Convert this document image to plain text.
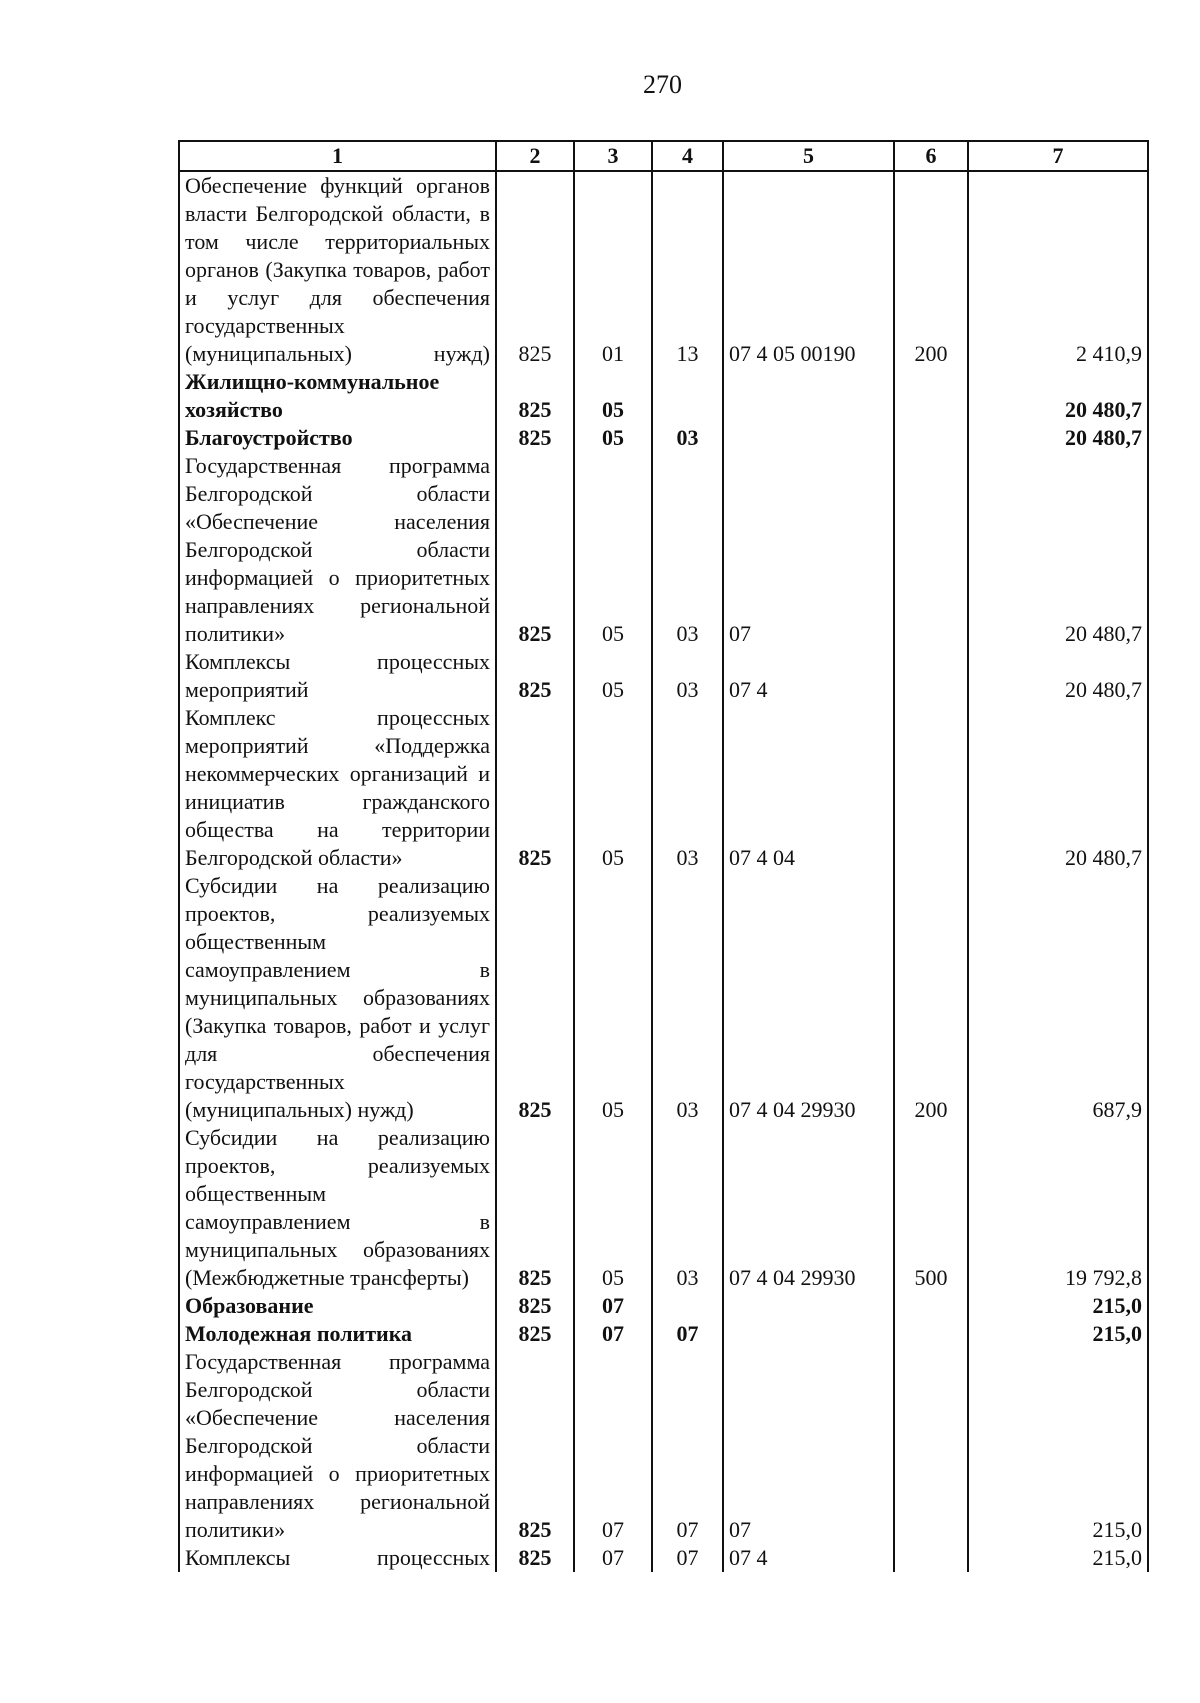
270
1	2	3	4	5	6	7
Обеспечение функций органов власти Белгородской области, в том числе территориальных органов (Закупка товаров, работ и услуг для обеспечения государственных (муниципальных) нужд)	825	01	13	07 4 05 00190	200	2 410,9
Жилищно-коммунальное хозяйство	825	05				20 480,7
Благоустройство	825	05	03			20 480,7
Государственная программа Белгородской области «Обеспечение населения Белгородской области информацией о приоритетных направлениях региональной политики»	825	05	03	07		20 480,7
Комплексы процессных мероприятий	825	05	03	07 4		20 480,7
Комплекс процессных мероприятий «Поддержка некоммерческих организаций и инициатив гражданского общества на территории Белгородской области»	825	05	03	07 4 04		20 480,7
Субсидии на реализацию проектов, реализуемых общественным самоуправлением в муниципальных образованиях (Закупка товаров, работ и услуг для обеспечения государственных (муниципальных) нужд)	825	05	03	07 4 04 29930	200	687,9
Субсидии на реализацию проектов, реализуемых общественным самоуправлением в муниципальных образованиях (Межбюджетные трансферты)	825	05	03	07 4 04 29930	500	19 792,8
Образование	825	07				215,0
Молодежная политика	825	07	07			215,0
Государственная программа Белгородской области «Обеспечение населения Белгородской области информацией о приоритетных направлениях региональной политики»	825	07	07	07		215,0
Комплексы процессных	825	07	07	07 4		215,0
